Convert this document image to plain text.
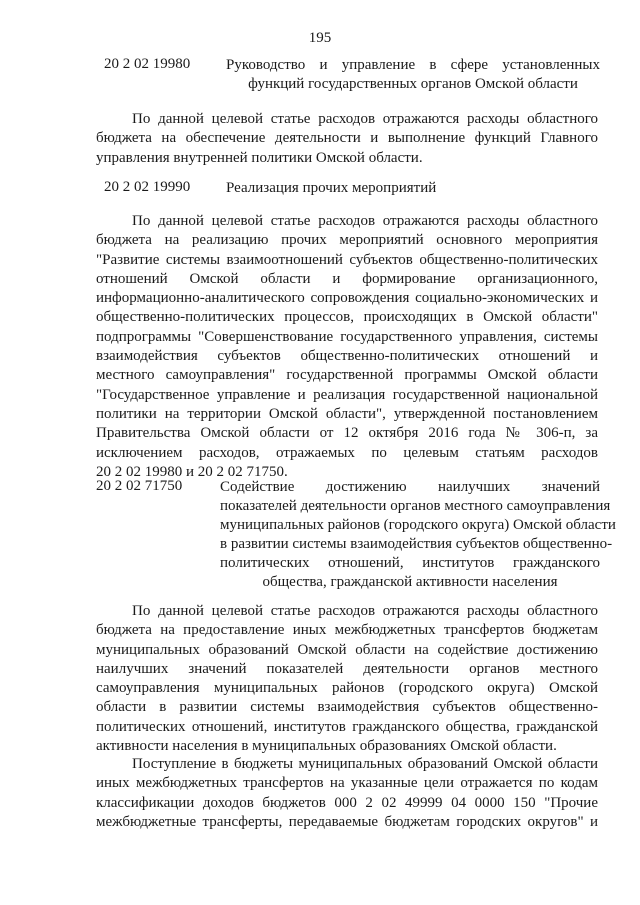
195
20 2 02 19980 Руководство и управление в сфере установленных
функций государственных органов Омской области
По данной целевой статье расходов отражаются расходы областного
бюджета на обеспечение деятельности и выполнение функций Главного
управления внутренней политики Омской области.
20 2 02 19990 Реализация прочих мероприятий
По данной целевой статье расходов отражаются расходы областного
бюджета на реализацию прочих мероприятий основного мероприятия
"Развитие системы взаимоотношений субъектов общественно-политических
отношений Омской области и формирование организационного,
информационно-аналитического сопровождения социально-экономических и
общественно-политических процессов, происходящих в Омской области"
подпрограммы "Совершенствование государственного управления, системы
взаимодействия субъектов общественно-политических отношений и
местного самоуправления" государственной программы Омской области
"Государственное управление и реализация государственной национальной
политики на территории Омской области", утвержденной постановлением
Правительства Омской области от 12 октября 2016 года № 306-п, за
исключением расходов, отражаемых по целевым статьям расходов
20 2 02 19980 и 20 2 02 71750.
20 2 02 71750	Содействие достижению наилучших значений
показателей деятельности органов местного самоуправления
муниципальных районов (городского округа) Омской области
в развитии системы взаимодействия субъектов общественно-
политических отношений, институтов гражданского
общества, гражданской активности населения
По данной целевой статье расходов отражаются расходы областного
бюджета на предоставление иных межбюджетных трансфертов бюджетам
муниципальных образований Омской области на содействие достижению
наилучших значений показателей деятельности органов местного
самоуправления муниципальных районов (городского округа) Омской
области в развитии системы взаимодействия субъектов общественно-
политических отношений, институтов гражданского общества, гражданской
активности населения в муниципальных образованиях Омской области.
Поступление в бюджеты муниципальных образований Омской области
иных межбюджетных трансфертов на указанные цели отражается по кодам
классификации доходов бюджетов 000 2 02 49999 04 0000 150 "Прочие
межбюджетные трансферты, передаваемые бюджетам городских округов" и
